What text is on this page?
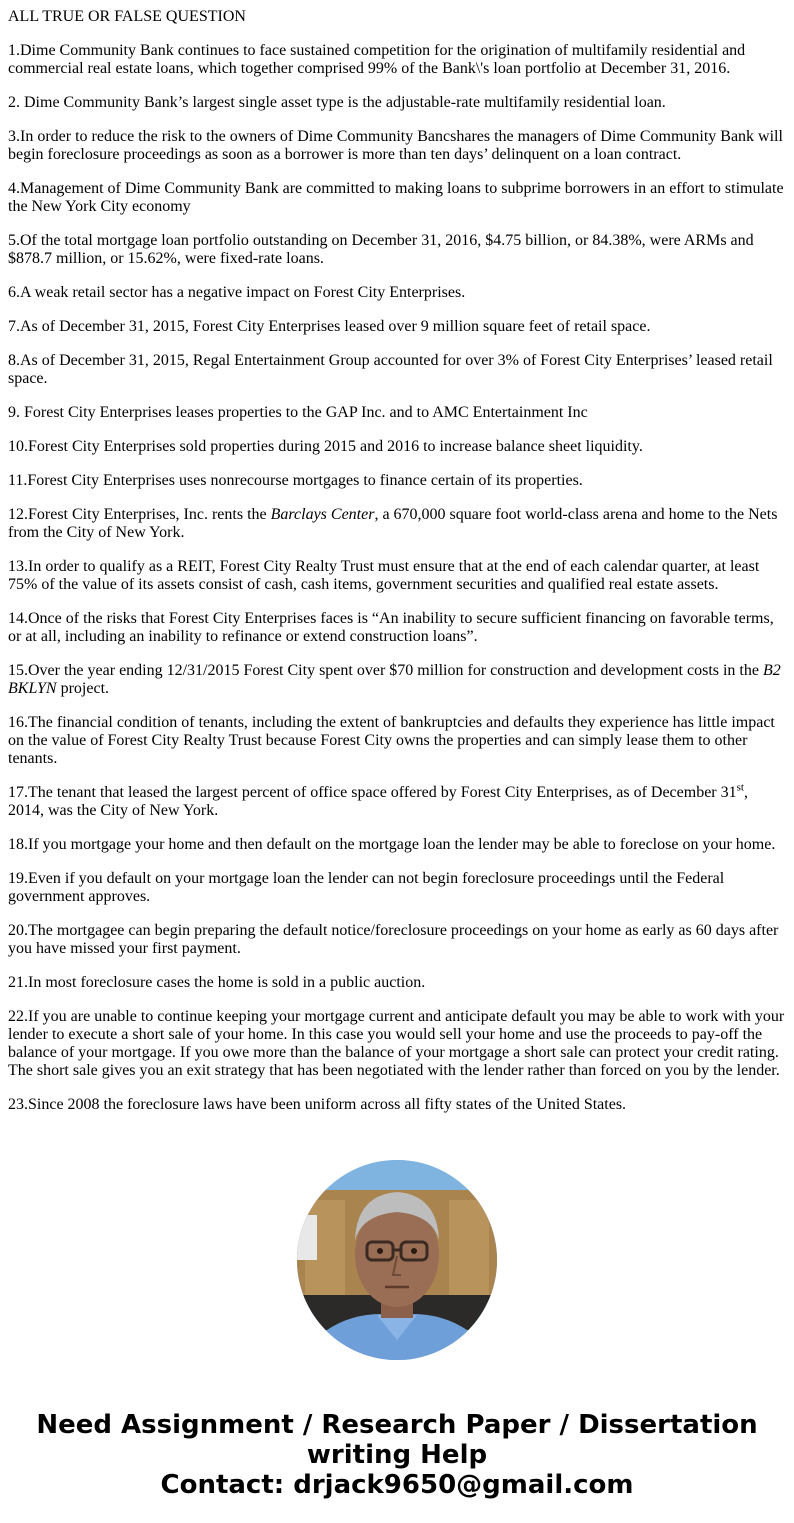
ALL TRUE OR FALSE QUESTION

1.Dime Community Bank continues to face sustained competition for the origination of multifamily residential and commercial real estate loans, which together comprised 99% of the Bank\'s loan portfolio at December 31, 2016.

2. Dime Community Bank’s largest single asset type is the adjustable-rate multifamily residential loan.

3.In order to reduce the risk to the owners of Dime Community Bancshares the managers of Dime Community Bank will begin foreclosure proceedings as soon as a borrower is more than ten days’ delinquent on a loan contract.

4.Management of Dime Community Bank are committed to making loans to subprime borrowers in an effort to stimulate the New York City economy

5.Of the total mortgage loan portfolio outstanding on December 31, 2016, $4.75 billion, or 84.38%, were ARMs and $878.7 million, or 15.62%, were fixed-rate loans.

6.A weak retail sector has a negative impact on Forest City Enterprises.

7.As of December 31, 2015, Forest City Enterprises leased over 9 million square feet of retail space.

8.As of December 31, 2015, Regal Entertainment Group accounted for over 3% of Forest City Enterprises’ leased retail space.

9. Forest City Enterprises leases properties to the GAP Inc. and to AMC Entertainment Inc

10.Forest City Enterprises sold properties during 2015 and 2016 to increase balance sheet liquidity.

11.Forest City Enterprises uses nonrecourse mortgages to finance certain of its properties.

12.Forest City Enterprises, Inc. rents the Barclays Center, a 670,000 square foot world-class arena and home to the Nets from the City of New York.

13.In order to qualify as a REIT, Forest City Realty Trust must ensure that at the end of each calendar quarter, at least 75% of the value of its assets consist of cash, cash items, government securities and qualified real estate assets.

14.Once of the risks that Forest City Enterprises faces is “An inability to secure sufficient financing on favorable terms, or at all, including an inability to refinance or extend construction loans”.

15.Over the year ending 12/31/2015 Forest City spent over $70 million for construction and development costs in the B2 BKLYN project.

16.The financial condition of tenants, including the extent of bankruptcies and defaults they experience has little impact on the value of Forest City Realty Trust because Forest City owns the properties and can simply lease them to other tenants.

17.The tenant that leased the largest percent of office space offered by Forest City Enterprises, as of December 31st, 2014, was the City of New York.

18.If you mortgage your home and then default on the mortgage loan the lender may be able to foreclose on your home.

19.Even if you default on your mortgage loan the lender can not begin foreclosure proceedings until the Federal government approves.

20.The mortgagee can begin preparing the default notice/foreclosure proceedings on your home as early as 60 days after you have missed your first payment.

21.In most foreclosure cases the home is sold in a public auction.

22.If you are unable to continue keeping your mortgage current and anticipate default you may be able to work with your lender to execute a short sale of your home. In this case you would sell your home and use the proceeds to pay-off the balance of your mortgage. If you owe more than the balance of your mortgage a short sale can protect your credit rating. The short sale gives you an exit strategy that has been negotiated with the lender rather than forced on you by the lender.

23.Since 2008 the foreclosure laws have been uniform across all fifty states of the United States.

Need Assignment / Research Paper / Dissertation
writing Help
Contact: drjack9650@gmail.com
